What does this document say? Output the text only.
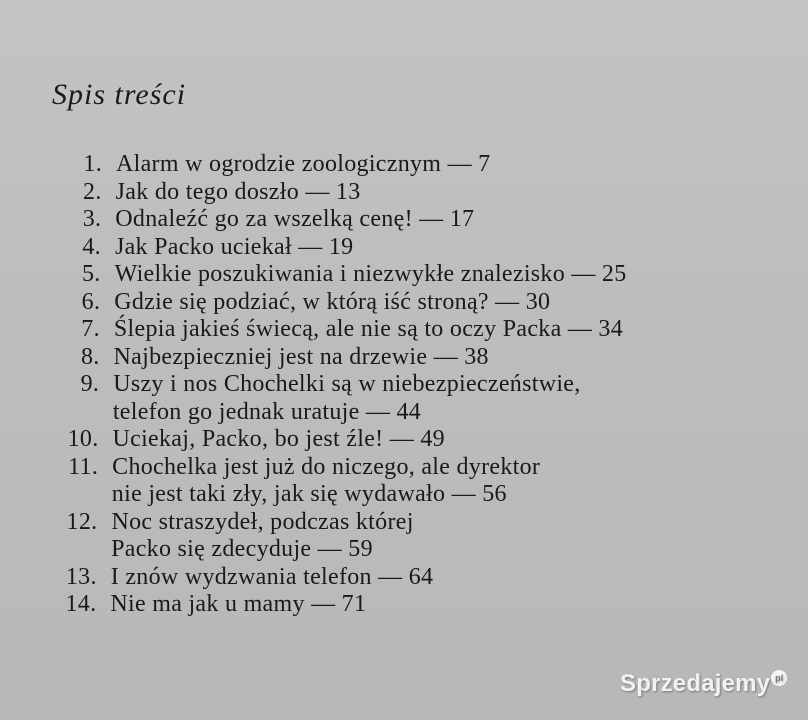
Spis treści
1. Alarm w ogrodzie zoologicznym — 7
2. Jak do tego doszło — 13
3. Odnaleźć go za wszelką cenę! — 17
4. Jak Packo uciekał — 19
5. Wielkie poszukiwania i niezwykłe znalezisko — 25
6. Gdzie się podziać, w którą iść stroną? — 30
7. Ślepia jakieś świecą, ale nie są to oczy Packa — 34
8. Najbezpieczniej jest na drzewie — 38
9. Uszy i nos Chochelki są w niebezpieczeństwie,
telefon go jednak uratuje — 44
10. Uciekaj, Packo, bo jest źle! — 49
11. Chochelka jest już do niczego, ale dyrektor
nie jest taki zły, jak się wydawało — 56
12. Noc straszydeł, podczas której
Packo się zdecyduje — 59
13. I znów wydzwania telefon — 64
14. Nie ma jak u mamy — 71
Sprzedajemy pl
